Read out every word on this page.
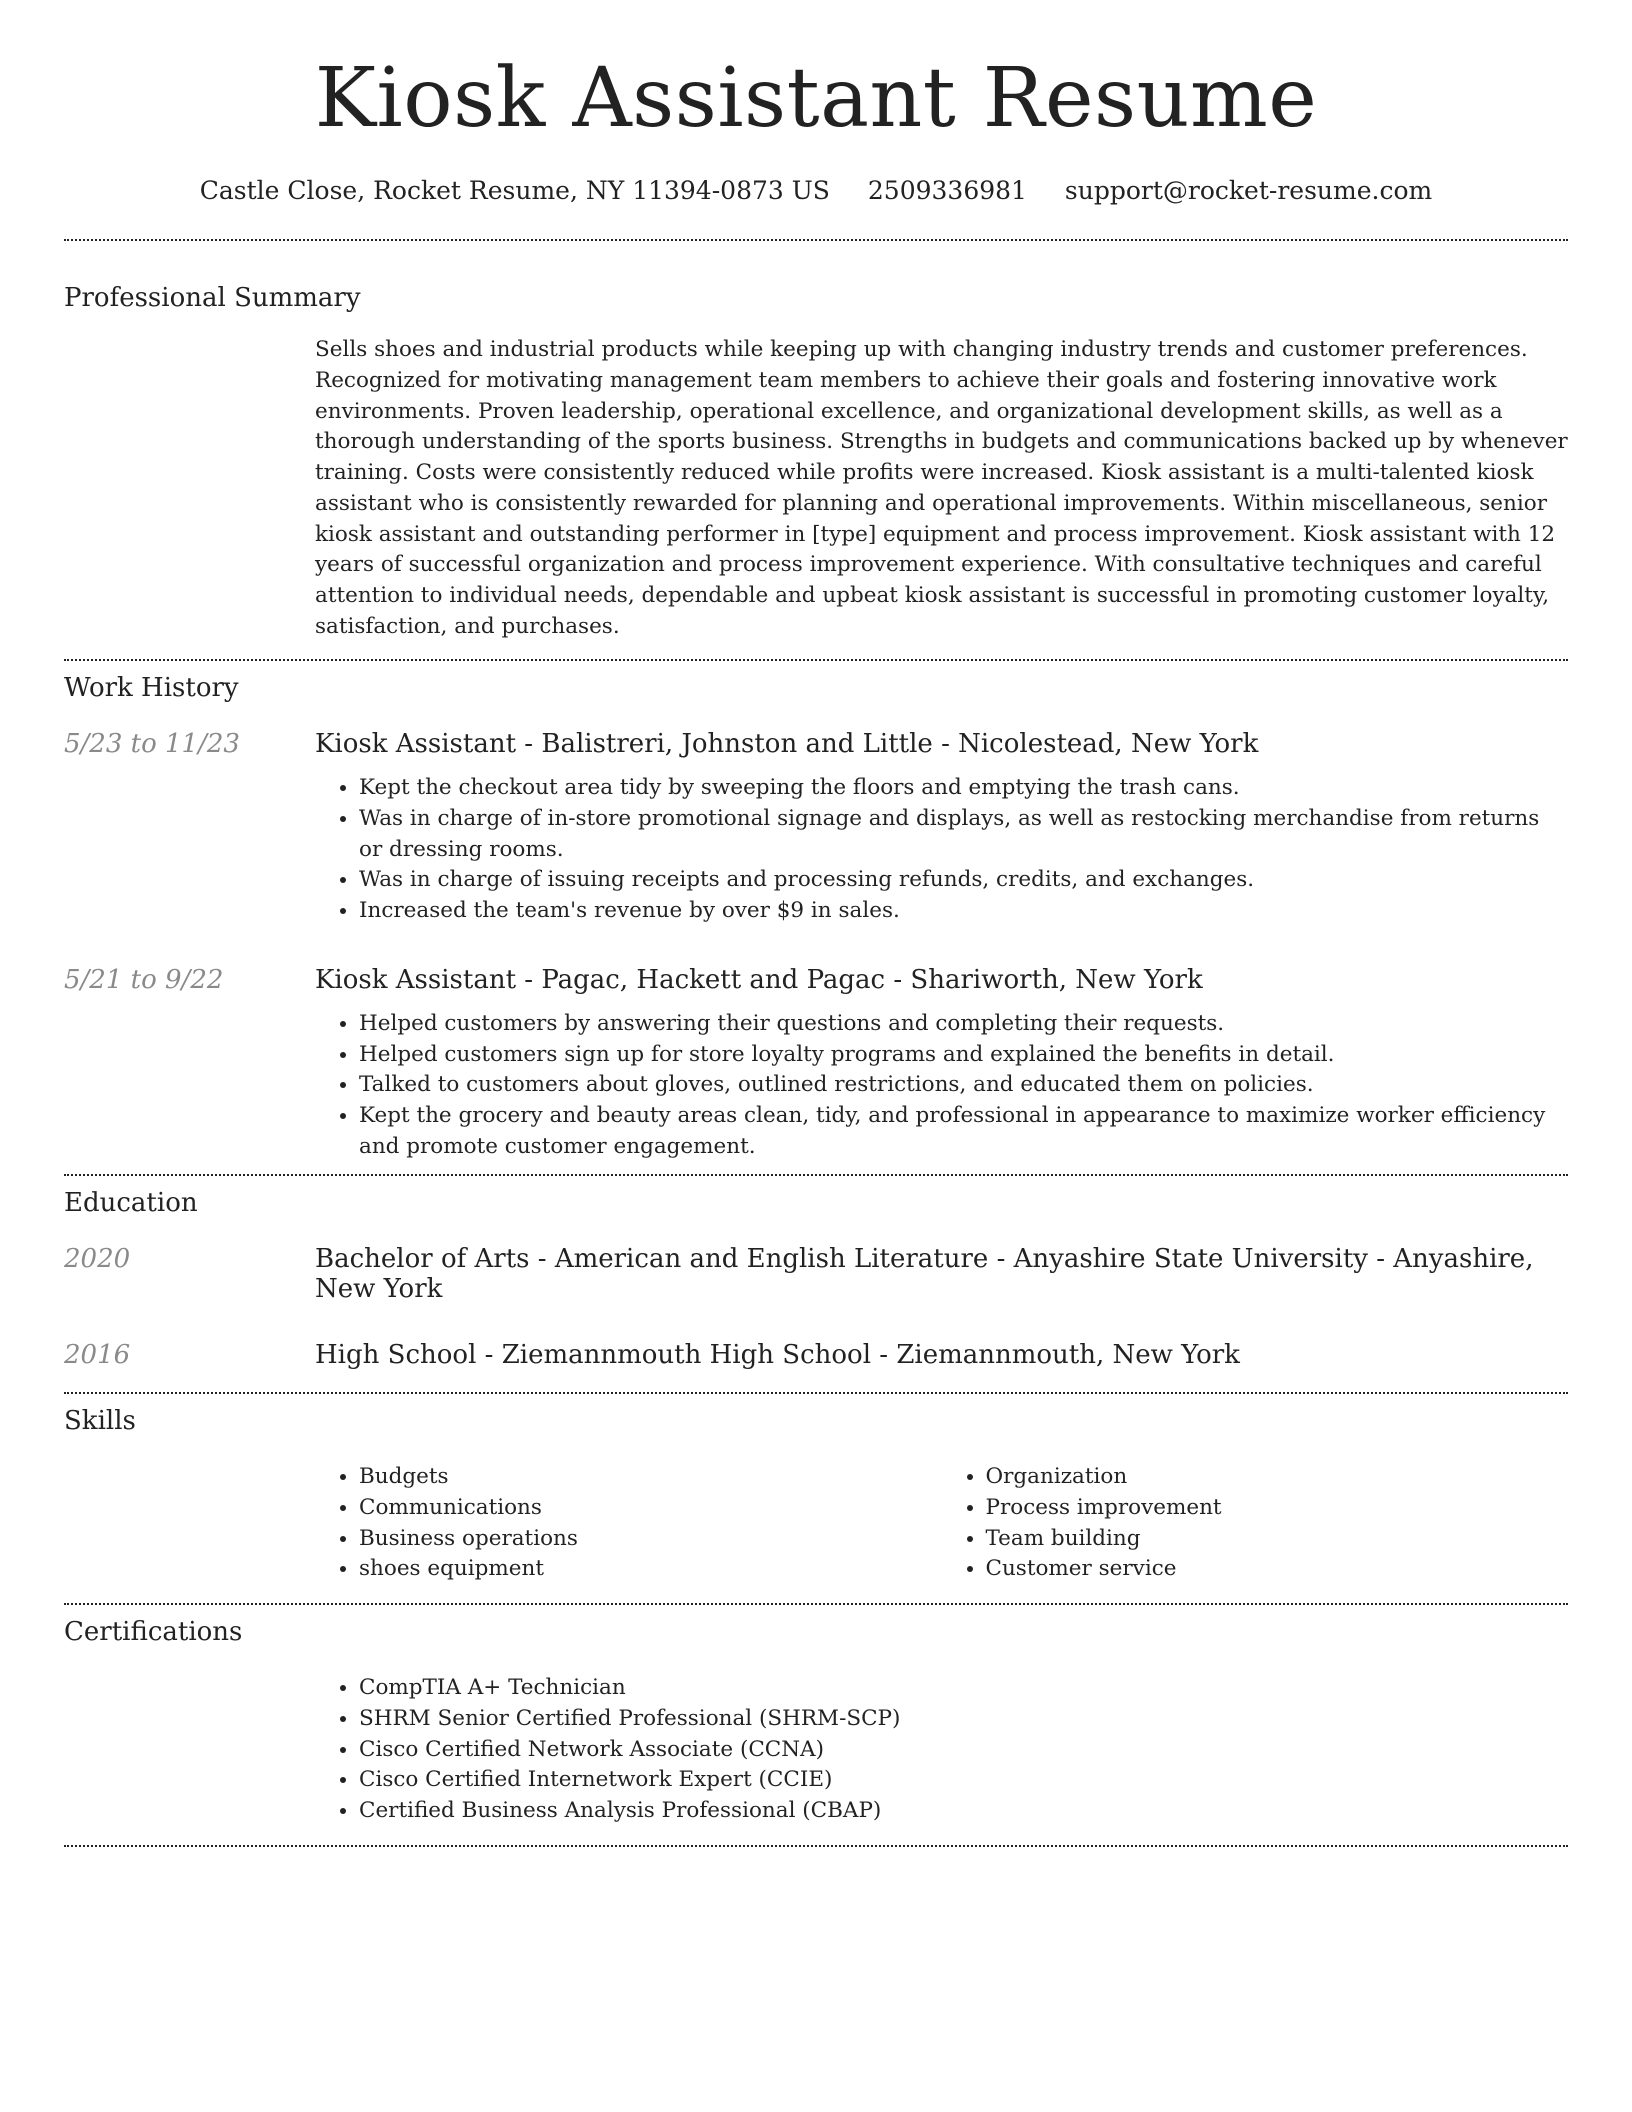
Kiosk Assistant Resume
Castle Close, Rocket Resume, NY 11394-0873 US 2509336981 support@rocket-resume.com
Professional Summary

Sells shoes and industrial products while keeping up with changing industry trends and customer preferences. Recognized for motivating management team members to achieve their goals and fostering innovative work environments. Proven leadership, operational excellence, and organizational development skills, as well as a thorough understanding of the sports business. Strengths in budgets and communications backed up by whenever training. Costs were consistently reduced while profits were increased. Kiosk assistant is a multi-talented kiosk assistant who is consistently rewarded for planning and operational improvements. Within miscellaneous, senior kiosk assistant and outstanding performer in [type] equipment and process improvement. Kiosk assistant with 12 years of successful organization and process improvement experience. With consultative techniques and careful attention to individual needs, dependable and upbeat kiosk assistant is successful in promoting customer loyalty, satisfaction, and purchases.

Work History
5/23 to 11/23	Kiosk Assistant - Balistreri, Johnston and Little - Nicolestead, New York
• Kept the checkout area tidy by sweeping the floors and emptying the trash cans.
• Was in charge of in-store promotional signage and displays, as well as restocking merchandise from returns or dressing rooms.
• Was in charge of issuing receipts and processing refunds, credits, and exchanges.
• Increased the team's revenue by over $9 in sales.
5/21 to 9/22	Kiosk Assistant - Pagac, Hackett and Pagac - Shariworth, New York
• Helped customers by answering their questions and completing their requests.
• Helped customers sign up for store loyalty programs and explained the benefits in detail.
• Talked to customers about gloves, outlined restrictions, and educated them on policies.
• Kept the grocery and beauty areas clean, tidy, and professional in appearance to maximize worker efficiency and promote customer engagement.
Education
2020	Bachelor of Arts - American and English Literature - Anyashire State University - Anyashire, New York
2016	High School - Ziemannmouth High School - Ziemannmouth, New York
Skills
• Budgets
• Communications
• Business operations
• shoes equipment
• Organization
• Process improvement
• Team building
• Customer service
Certifications
• CompTIA A+ Technician
• SHRM Senior Certified Professional (SHRM-SCP)
• Cisco Certified Network Associate (CCNA)
• Cisco Certified Internetwork Expert (CCIE)
• Certified Business Analysis Professional (CBAP)
